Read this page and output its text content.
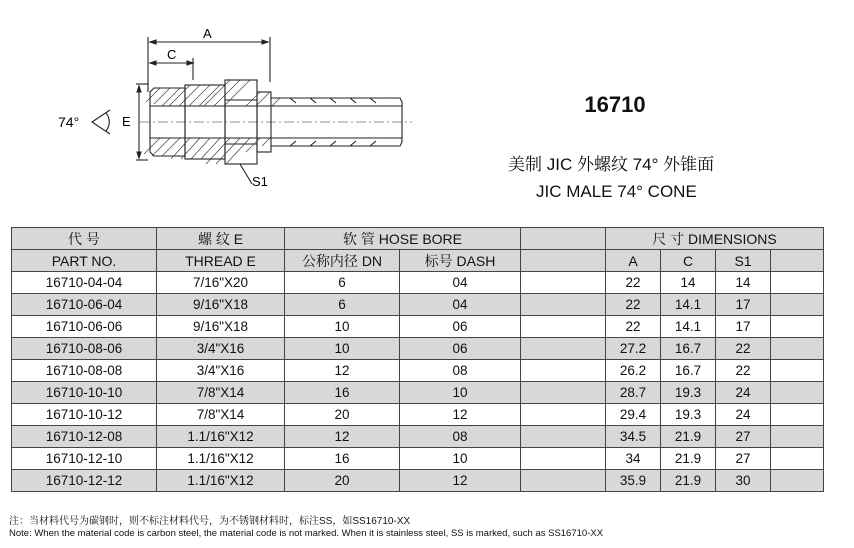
74°
A
C
E
S1
16710
美制 JIC 外螺纹 74° 外锥面
JIC MALE 74° CONE
代 号	螺 纹 E	软 管 HOSE BORE			尺 寸 DIMENSIONS			
PART NO.	THREAD E	公称内径 DN	标号 DASH		A	C	S1	
16710-04-04	7/16"X20	6	04		22	14	14	
16710-06-04	9/16"X18	6	04		22	14.1	17	
16710-06-06	9/16"X18	10	06		22	14.1	17	
16710-08-06	3/4"X16	10	06		27.2	16.7	22	
16710-08-08	3/4"X16	12	08		26.2	16.7	22	
16710-10-10	7/8"X14	16	10		28.7	19.3	24	
16710-10-12	7/8"X14	20	12		29.4	19.3	24	
16710-12-08	1.1/16"X12	12	08		34.5	21.9	27	
16710-12-10	1.1/16"X12	16	10		34	21.9	27	
16710-12-12	1.1/16"X12	20	12		35.9	21.9	30	
注：当材料代号为碳钢时，则不标注材料代号，为不锈钢材料时，标注SS，如SS16710-XX
Note: When the material code is carbon steel, the material code is not marked. When it is stainless steel, SS is marked, such as SS16710-XX
